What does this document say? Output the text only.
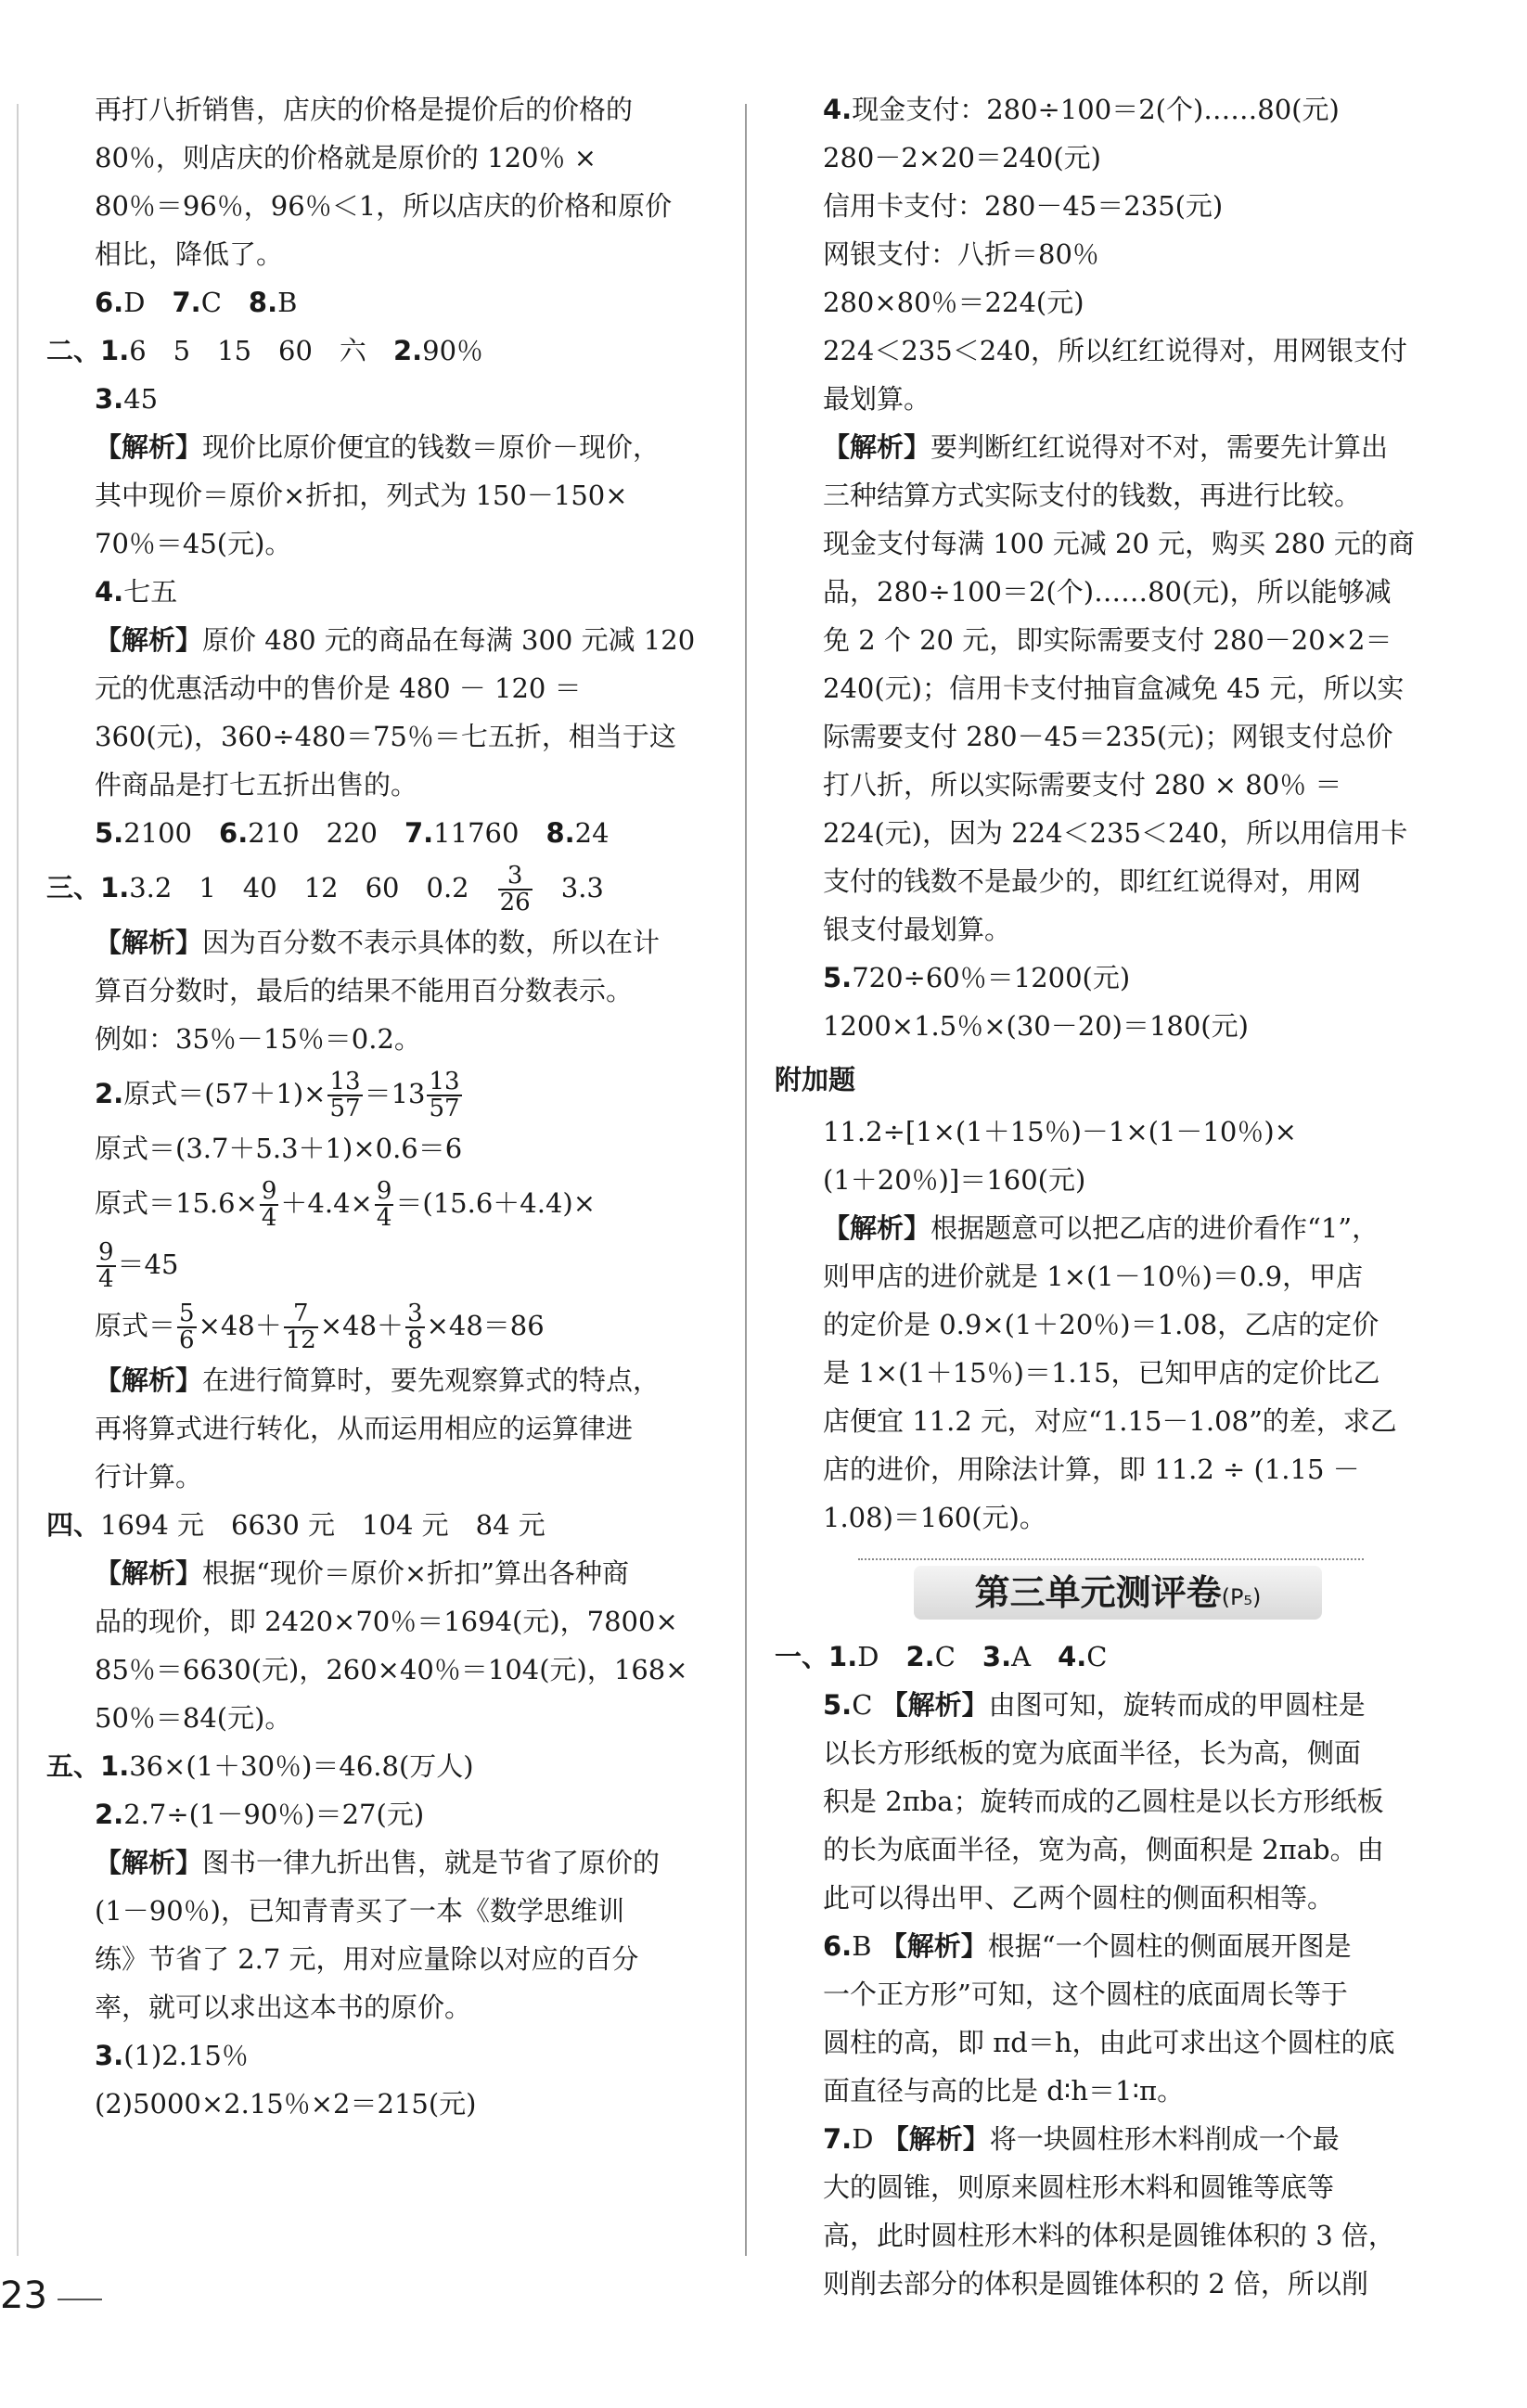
再打八折销售，店庆的价格是提价后的价格的
80％，则店庆的价格就是原价的 120％ ×
80％＝96％，96％＜1，所以店庆的价格和原价
相比，降低了。
6.D　 7.C　 8.B
二、1.6　5　15　60　六　 2.90％
3.45
【解析】现价比原价便宜的钱数＝原价－现价，
其中现价＝原价×折扣，列式为 150－150×
70％＝45(元)。
4.七五
【解析】原价 480 元的商品在每满 300 元减 120
元的优惠活动中的售价是 480 － 120 ＝
360(元)，360÷480＝75％＝七五折，相当于这
件商品是打七五折出售的。
5.2100　 6.210　220　 7.11760　 8.24
三、1.3.2　1　40　12　60　0.2　 $\frac{3}{26}$
　 3.3
【解析】因为百分数不表示具体的数，所以在计
算百分数时，最后的结果不能用百分数表示。
例如：35％－15％＝0.2。
2.原式$=(57+1)\times \frac{13}{57} =13 \frac{13}{57}$
原式＝(3.7＋5.3＋1)×0.6＝6
原式$=15.6\times \frac{9}{4} +4.4\times \frac{9}{4} =(15.6+4.4)\times$
$\frac{9}{4} =45$
原式＝ $\frac{5}{6} \times 48+ \frac{7}{12} \times 48+ \frac{3}{8} \times 48=86$
【解析】在进行简算时，要先观察算式的特点，
再将算式进行转化，从而运用相应的运算律进
行计算。
四、1694 元　6630 元　104 元　84 元
【解析】根据“现价＝原价×折扣”算出各种商
品的现价，即 2420×70％＝1694(元)，7800×
85％＝6630(元)，260×40％＝104(元)，168×
50％＝84(元)。
五、1.36×(1＋30％)＝46.8(万人)
2.2.7÷(1－90％)＝27(元)
【解析】图书一律九折出售，就是节省了原价的
(1－90％)，已知青青买了一本《数学思维训
练》节省了 2.7 元，用对应量除以对应的百分
率，就可以求出这本书的原价。
3.(1)2.15％
(2)5000×2.15％×2＝215(元)
4.现金支付：280÷100＝2(个)……80(元)
280－2×20＝240(元)
信用卡支付：280－45＝235(元)
网银支付：八折＝80％
280×80％＝224(元)
224＜235＜240，所以红红说得对，用网银支付
最划算。
【解析】要判断红红说得对不对，需要先计算出
三种结算方式实际支付的钱数，再进行比较。
现金支付每满 100 元减 20 元，购买 280 元的商
品，280÷100＝2(个)……80(元)，所以能够减
免 2 个 20 元，即实际需要支付 280－20×2＝
240(元)；信用卡支付抽盲盒减免 45 元，所以实
际需要支付 280－45＝235(元)；网银支付总价
打八折，所以实际需要支付 280 × 80％ ＝
224(元)，因为 224＜235＜240，所以用信用卡
支付的钱数不是最少的，即红红说得对，用网
银支付最划算。
5.720÷60％＝1200(元)
1200×1.5％×(30－20)＝180(元)
附加题
11.2÷[1×(1＋15％)－1×(1－10％)×
(1＋20％)]＝160(元)
【解析】根据题意可以把乙店的进价看作“1”，
则甲店的进价就是 1×(1－10％)＝0.9，甲店
的定价是 0.9×(1＋20％)＝1.08，乙店的定价
是 1×(1＋15％)＝1.15，已知甲店的定价比乙
店便宜 11.2 元，对应“1.15－1.08”的差，求乙
店的进价，用除法计算，即 11.2 ÷ (1.15 －
1.08)＝160(元)。
第三单元测评卷(P₅)
一、1.D　 2.C　 3.A　 4.C
5.C 【解析】由图可知，旋转而成的甲圆柱是
以长方形纸板的宽为底面半径，长为高，侧面
积是 2πba；旋转而成的乙圆柱是以长方形纸板
的长为底面半径，宽为高，侧面积是 2πab。由
此可以得出甲、乙两个圆柱的侧面积相等。
6.B 【解析】根据“一个圆柱的侧面展开图是
一个正方形”可知，这个圆柱的底面周长等于
圆柱的高，即 πd＝h，由此可求出这个圆柱的底
面直径与高的比是 d∶h＝1∶π。
7.D 【解析】将一块圆柱形木料削成一个最
大的圆锥，则原来圆柱形木料和圆锥等底等
高，此时圆柱形木料的体积是圆锥体积的 3 倍，
则削去部分的体积是圆锥体积的 2 倍，所以削
23
